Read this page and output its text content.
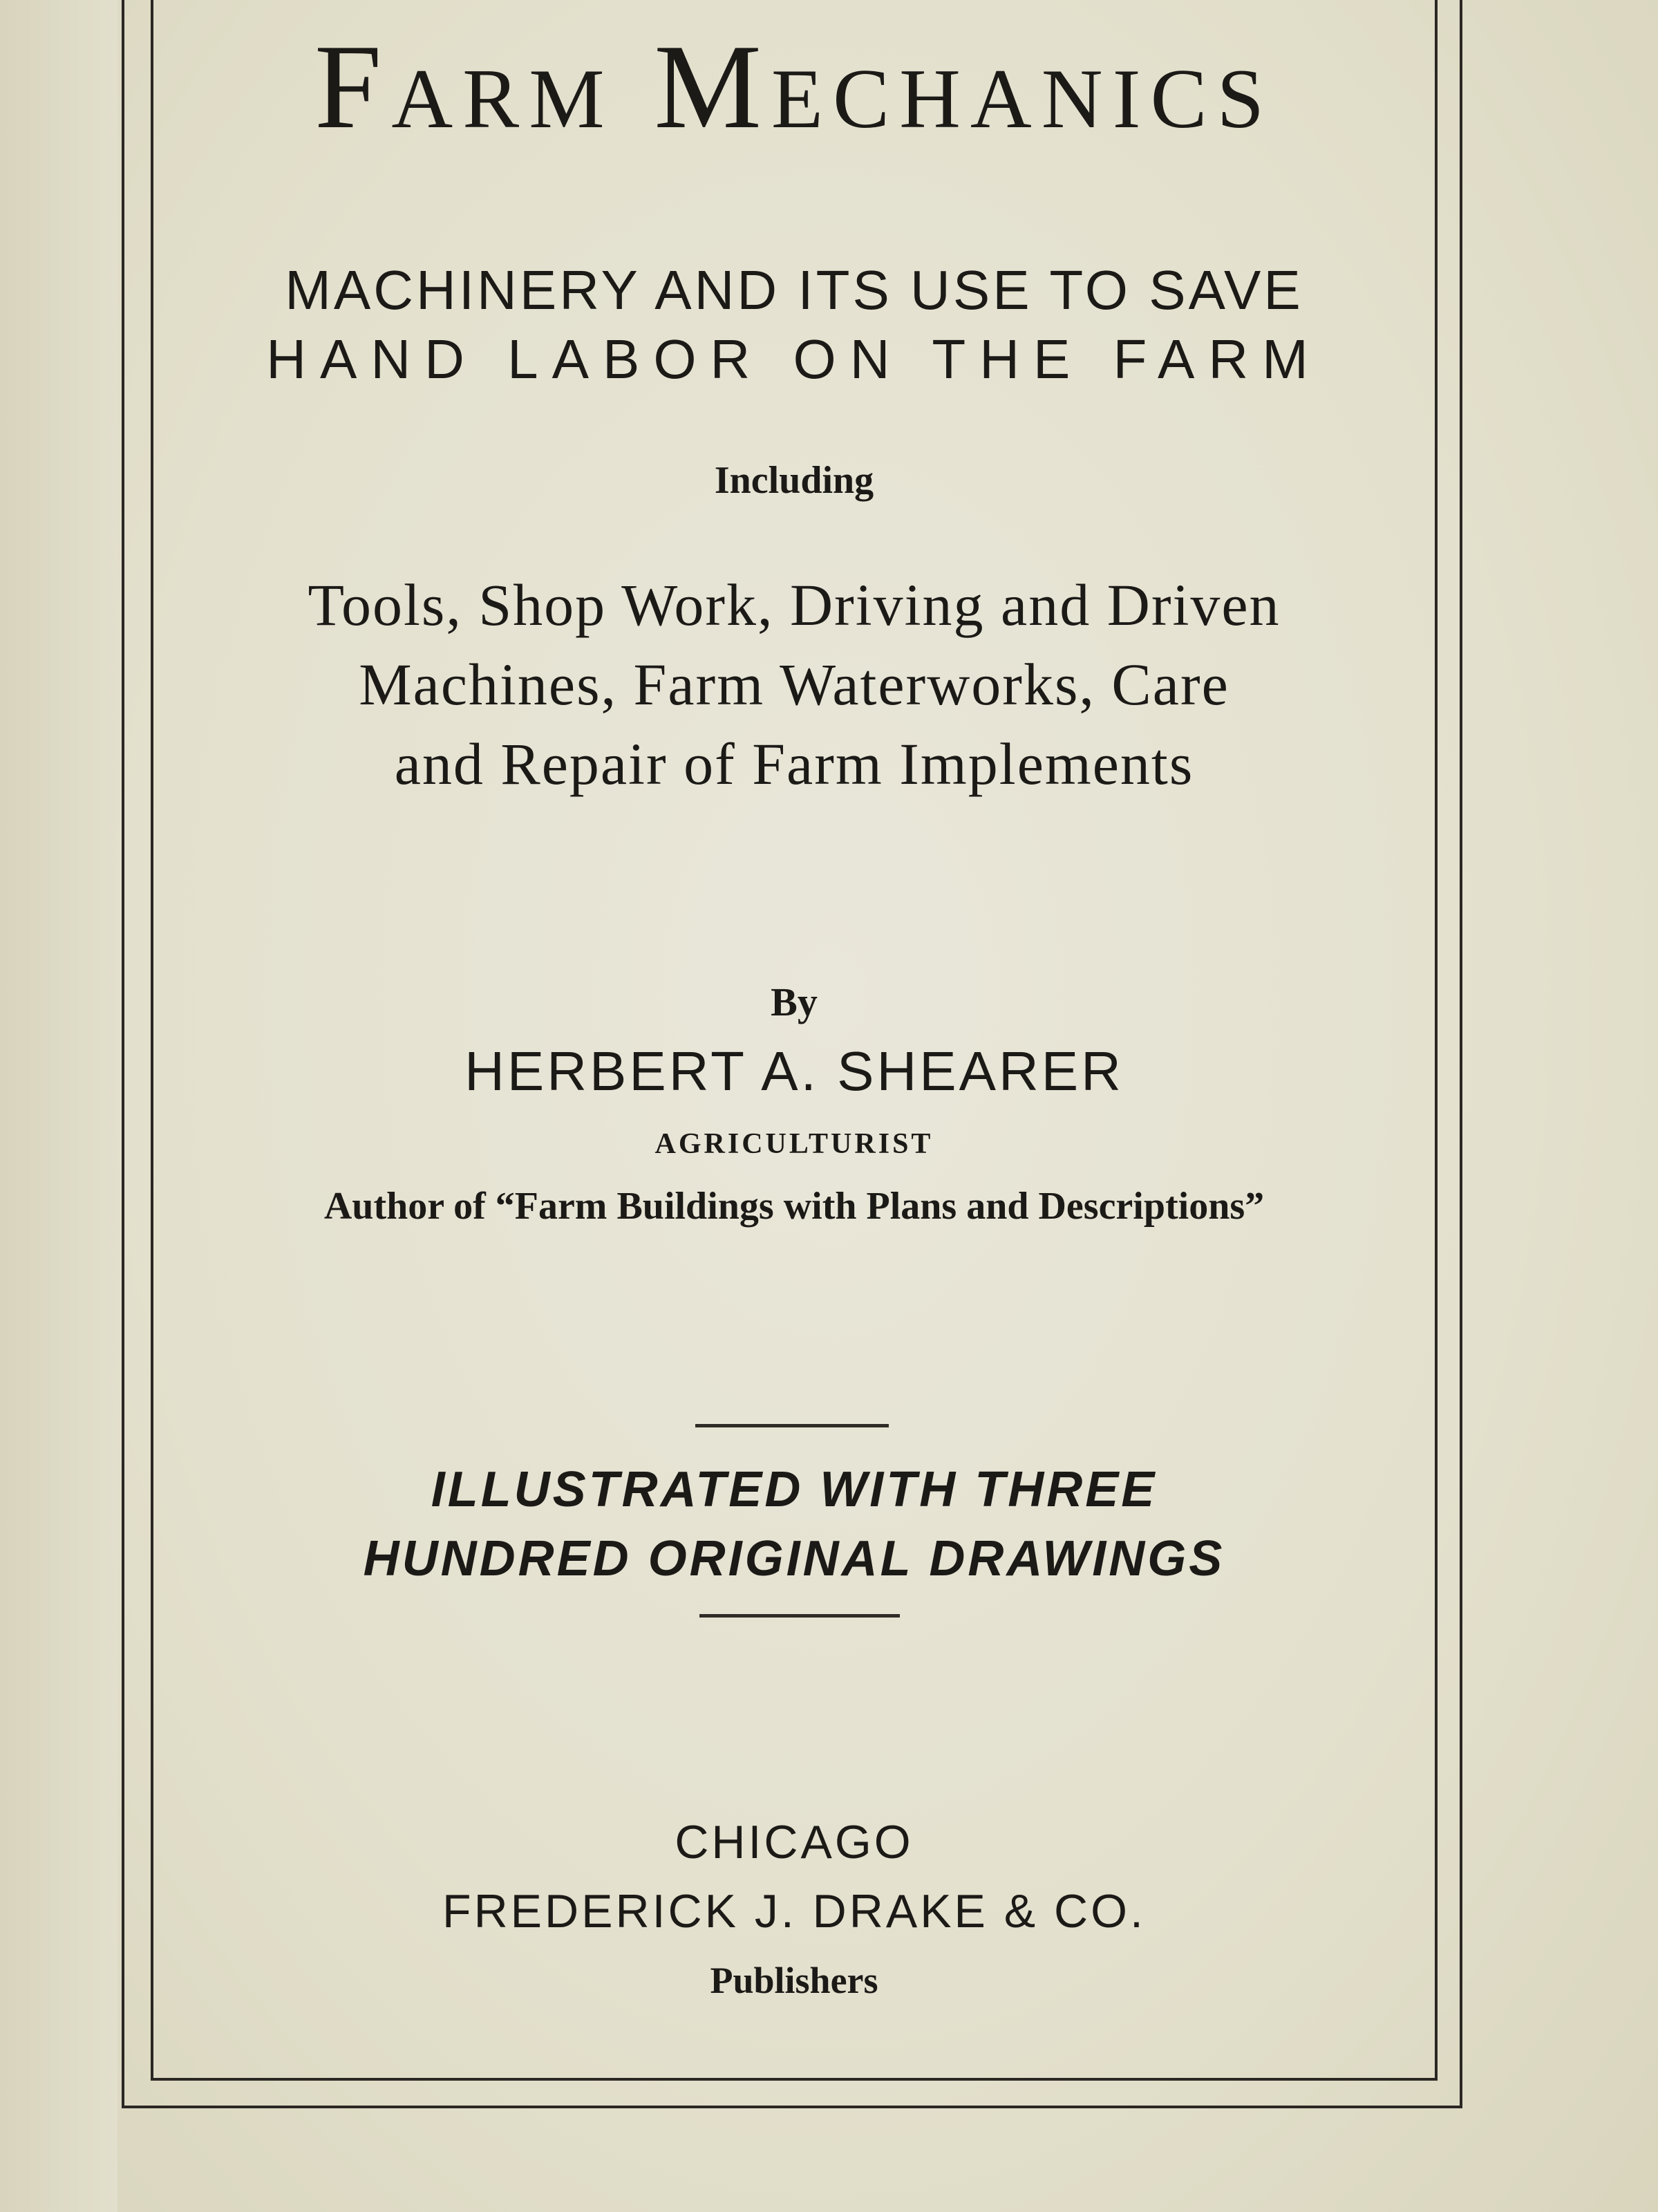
Farm Mechanics
MACHINERY AND ITS USE TO SAVE
HAND LABOR ON THE FARM
Including
Tools, Shop Work, Driving and Driven
Machines, Farm Waterworks, Care
and Repair of Farm Implements
By
HERBERT A. SHEARER
AGRICULTURIST
Author of “Farm Buildings with Plans and Descriptions”
ILLUSTRATED WITH THREE
HUNDRED ORIGINAL DRAWINGS
CHICAGO
FREDERICK J. DRAKE & CO.
Publishers
